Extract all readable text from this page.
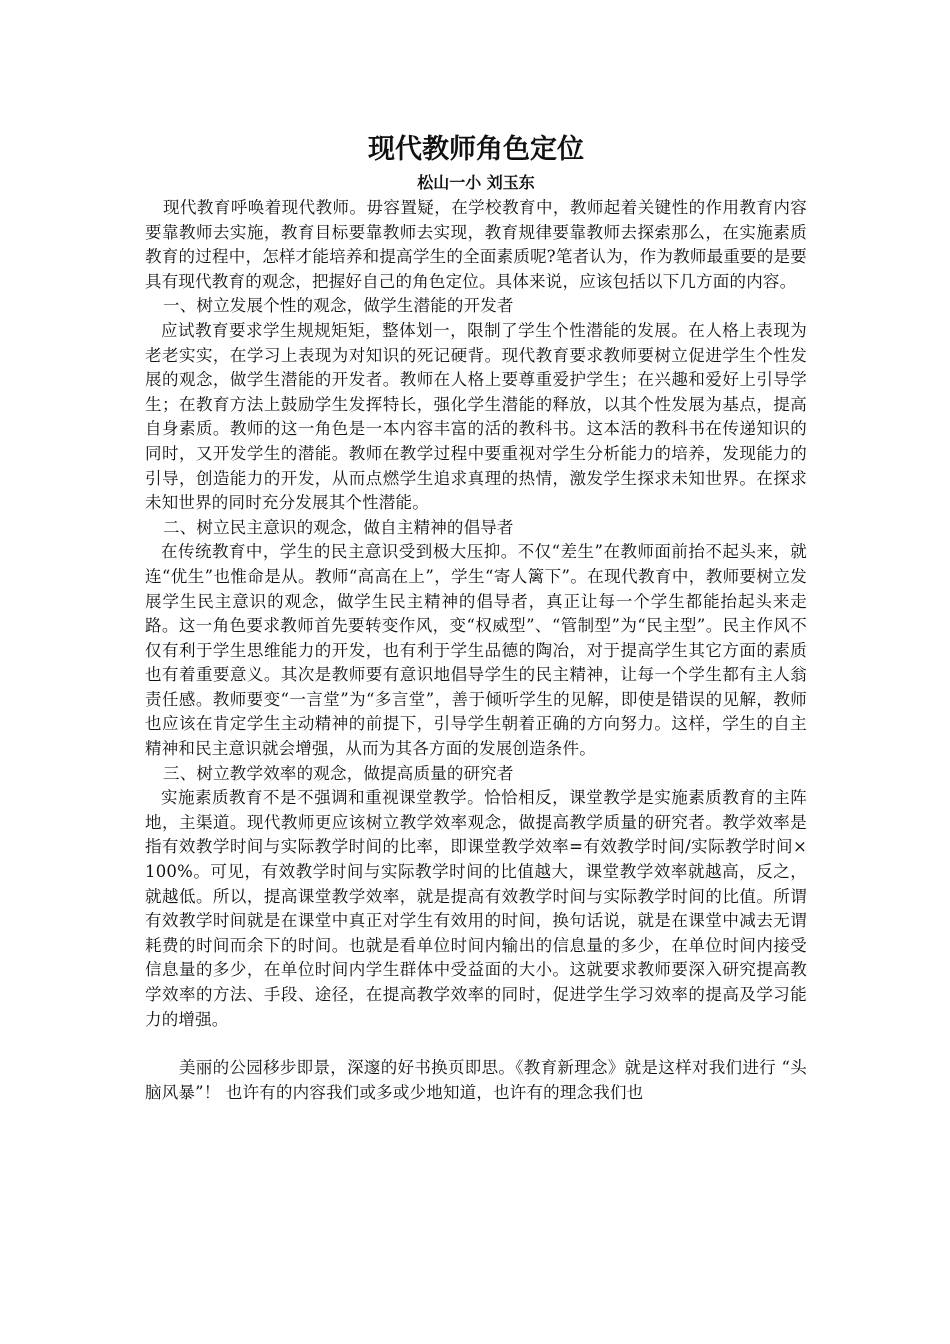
现代教师角色定位
松山一小 刘玉东

现代教育呼唤着现代教师。毋容置疑，在学校教育中，教师起着关键性的作用教育内容要靠教师去实施，教育目标要靠教师去实现，教育规律要靠教师去探索那么，在实施素质教育的过程中，怎样才能培养和提高学生的全面素质呢?笔者认为，作为教师最重要的是要具有现代教育的观念，把握好自己的角色定位。具体来说，应该包括以下几方面的内容。

一、树立发展个性的观念，做学生潜能的开发者

应试教育要求学生规规矩矩，整体划一，限制了学生个性潜能的发展。在人格上表现为老老实实，在学习上表现为对知识的死记硬背。现代教育要求教师要树立促进学生个性发展的观念，做学生潜能的开发者。教师在人格上要尊重爱护学生；在兴趣和爱好上引导学生；在教育方法上鼓励学生发挥特长，强化学生潜能的释放，以其个性发展为基点，提高自身素质。教师的这一角色是一本内容丰富的活的教科书。这本活的教科书在传递知识的同时，又开发学生的潜能。教师在教学过程中要重视对学生分析能力的培养，发现能力的引导，创造能力的开发，从而点燃学生追求真理的热情，激发学生探求未知世界。在探求未知世界的同时充分发展其个性潜能。

二、树立民主意识的观念，做自主精神的倡导者

在传统教育中，学生的民主意识受到极大压抑。不仅“差生”在教师面前抬不起头来，就连“优生”也惟命是从。教师“高高在上”，学生“寄人篱下”。在现代教育中，教师要树立发展学生民主意识的观念，做学生民主精神的倡导者，真正让每一个学生都能抬起头来走路。这一角色要求教师首先要转变作风，变“权威型”、“管制型”为“民主型”。民主作风不仅有利于学生思维能力的开发，也有利于学生品德的陶冶，对于提高学生其它方面的素质也有着重要意义。其次是教师要有意识地倡导学生的民主精神，让每一个学生都有主人翁责任感。教师要变“一言堂”为“多言堂”，善于倾听学生的见解，即使是错误的见解，教师也应该在肯定学生主动精神的前提下，引导学生朝着正确的方向努力。这样，学生的自主精神和民主意识就会增强，从而为其各方面的发展创造条件。

三、树立教学效率的观念，做提高质量的研究者

实施素质教育不是不强调和重视课堂教学。恰恰相反，课堂教学是实施素质教育的主阵地，主渠道。现代教师更应该树立教学效率观念，做提高教学质量的研究者。教学效率是指有效教学时间与实际教学时间的比率，即课堂教学效率=有效教学时间/实际教学时间×100%。可见，有效教学时间与实际教学时间的比值越大，课堂教学效率就越高，反之，就越低。所以，提高课堂教学效率，就是提高有效教学时间与实际教学时间的比值。所谓有效教学时间就是在课堂中真正对学生有效用的时间，换句话说，就是在课堂中减去无谓耗费的时间而余下的时间。也就是看单位时间内输出的信息量的多少，在单位时间内接受信息量的多少，在单位时间内学生群体中受益面的大小。这就要求教师要深入研究提高教学效率的方法、手段、途径，在提高教学效率的同时，促进学生学习效率的提高及学习能力的增强。

美丽的公园移步即景，深邃的好书换页即思。《教育新理念》就是这样对我们进行 “头脑风暴”！ 也许有的内容我们或多或少地知道，也许有的理念我们也
